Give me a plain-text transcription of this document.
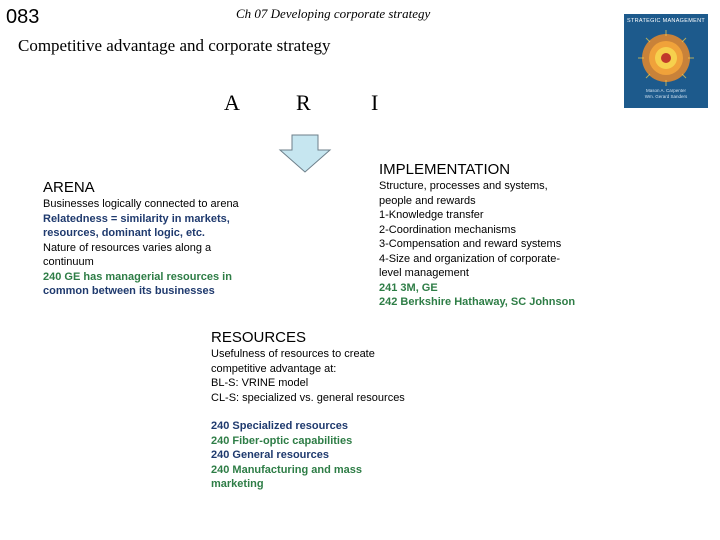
083	Ch 07 Developing corporate strategy
Competitive advantage and corporate strategy
STRATEGIC MANAGEMENT
Mason A. Carpenter
Wm. Gerard Sanders
A	R	I
ARENA
Businesses logically connected to arena
Relatedness = similarity in markets,
resources, dominant logic, etc.
Nature of resources varies along a
continuum
240 GE has managerial resources in
common between its businesses
IMPLEMENTATION
Structure, processes and systems,
people and rewards
1-Knowledge transfer
2-Coordination mechanisms
3-Compensation and reward systems
4-Size and organization of corporate-
level management
241 3M, GE
242 Berkshire Hathaway, SC Johnson
RESOURCES
Usefulness of resources to create
competitive advantage at:
BL-S: VRINE model
CL-S: specialized vs. general resources
240 Specialized resources
240 Fiber-optic capabilities
240 General resources
240 Manufacturing and mass
marketing
